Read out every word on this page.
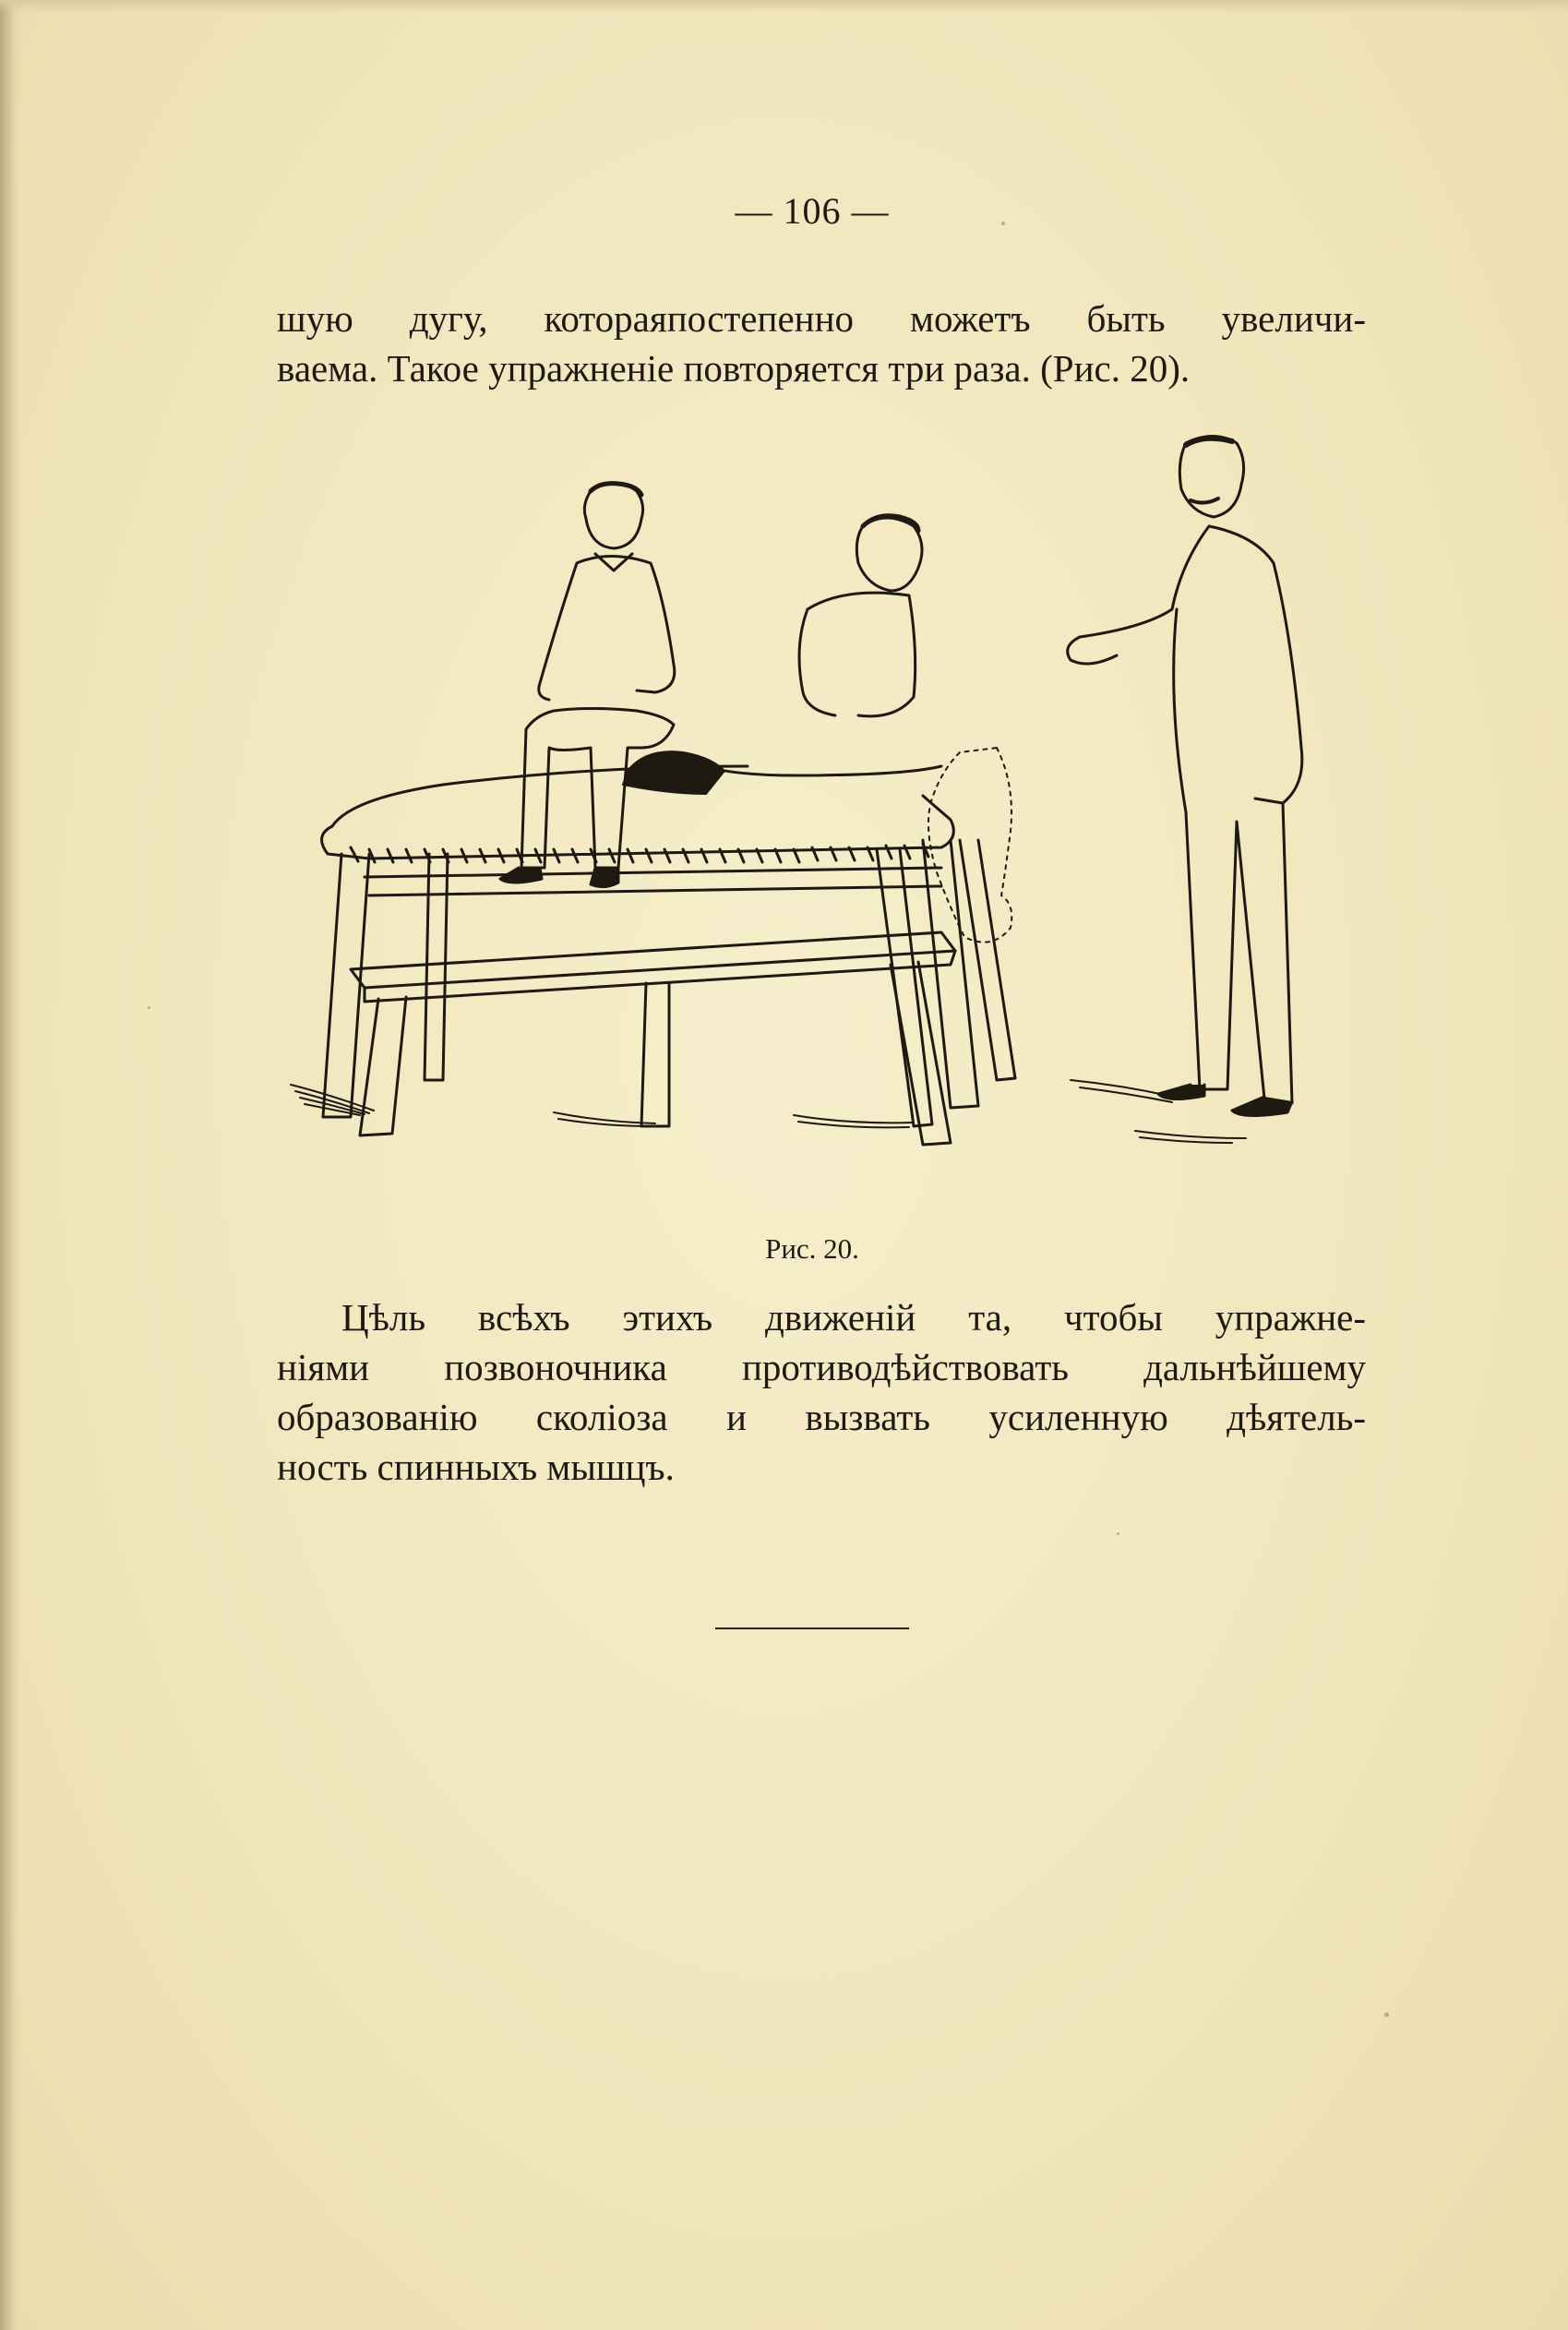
— 106 —
шую дугу, котораяпостепенно можетъ быть увеличи-
ваема. Такое упражненіе повторяется три раза. (Рис. 20).
Рис. 20.
Цѣль всѣхъ этихъ движеній та, чтобы упражне-
ніями позвоночника противодѣйствовать дальнѣйшему
образованію сколіоза и вызвать усиленную дѣятель-
ность спинныхъ мышцъ.
